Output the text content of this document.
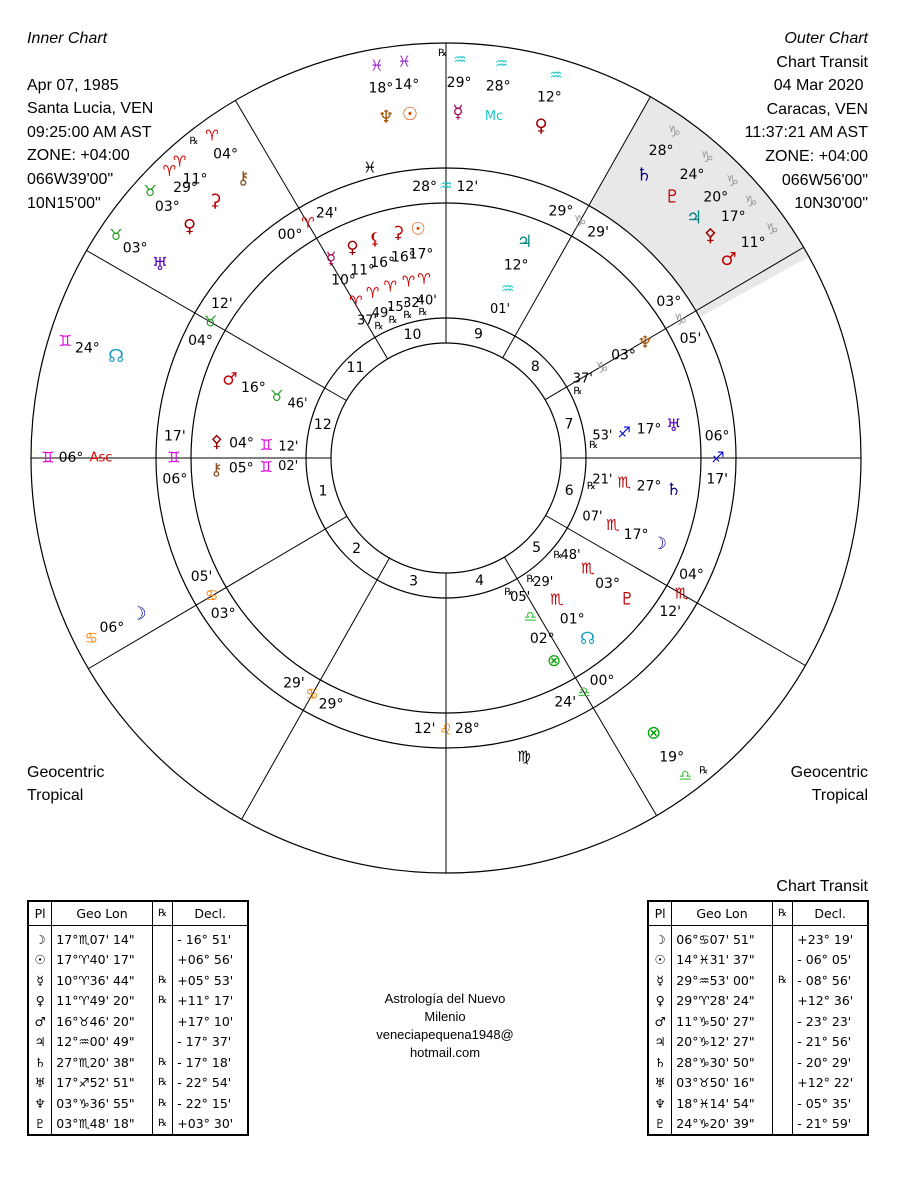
Inner Chart
Apr 07, 1985
Santa Lucia, VEN
09:25:00 AM AST
ZONE: +04:00
066W39'00"
10N15'00"
Outer Chart
Chart Transit
04 Mar 2020
Caracas, VEN
11:37:21 AM AST
ZONE: +04:00
066W56'00"
10N30'00"
1
2
3	4
5
6
7
8
9
10
11
12
06°
♊
17'
03°
♋
05'
29°
♋
29'
28°
♌
12'
00°
♎
24'
04°
♏
12'
06°
♐
17'
03°
♑
05'
29°
♑
29'
28° ♒ 12'
00°
♈
24'
04°
♉
12'
♍
♓
☿
10°
♈
37'
℞
♀
11°
♈
49'
℞
⚸
16°
♈
15'
℞
⚳
16°
♈
32'
℞
☉
17°
♈
40'
♂ 16° ♉ 46'
⚴ 04° ♊ 12'
⚷ 05° ♊ 02'
♃
12°
♒
01'
♅
17°
♐
53'
℞
♆
03°
♑
37'
℞
♄
27°
♏
21'
℞
☽
17°
♏
07'
♇
03°
♏
48'
℞
☊
01°
♏
29'
℞
⊗
02°
♎
05'
℞
♆
18°
♓
14°
♓
☉ ☿
29°
♒
℞
Mc
28°
♒
♀
12°
♒
♄
28°
♑
♇
24°
♑
♃
20°
♑
⚴
17°
♑
♂
11°
♑
⚷
04°
♈
℞
⚳
11°
♈
♀
03°
♉ 29°
♈
♅
03°
♉
☊
24°
♊
Asc
06°
♊
☽
06°
♋
⊗
19°
♎ ℞
Geocentric
Tropical
Geocentric
Tropical
Astrología del Nuevo
Milenio
veneciapequena1948@
hotmail.com
Pl	Geo Lon	℞	Decl.
☽	17°♏07' 14"		- 16° 51'
☉	17°♈40' 17"		+06° 56'
☿	10°♈36' 44"	℞	+05° 53'
♀	11°♈49' 20"	℞	+11° 17'
♂	16°♉46' 20"		+17° 10'
♃	12°♒00' 49"		- 17° 37'
♄	27°♏20' 38"	℞	- 17° 18'
♅	17°♐52' 51"	℞	- 22° 54'
♆	03°♑36' 55"	℞	- 22° 15'
♇	03°♏48' 18"	℞	+03° 30'
Chart Transit
Pl	Geo Lon	℞	Decl.
☽	06°♋07' 51"		+23° 19'
☉	14°♓31' 37"		- 06° 05'
☿	29°♒53' 00"	℞	- 08° 56'
♀	29°♈28' 24"		+12° 36'
♂	11°♑50' 27"		- 23° 23'
♃	20°♑12' 27"		- 21° 56'
♄	28°♑30' 50"		- 20° 29'
♅	03°♉50' 16"		+12° 22'
♆	18°♓14' 54"		- 05° 35'
♇	24°♑20' 39"		- 21° 59'
